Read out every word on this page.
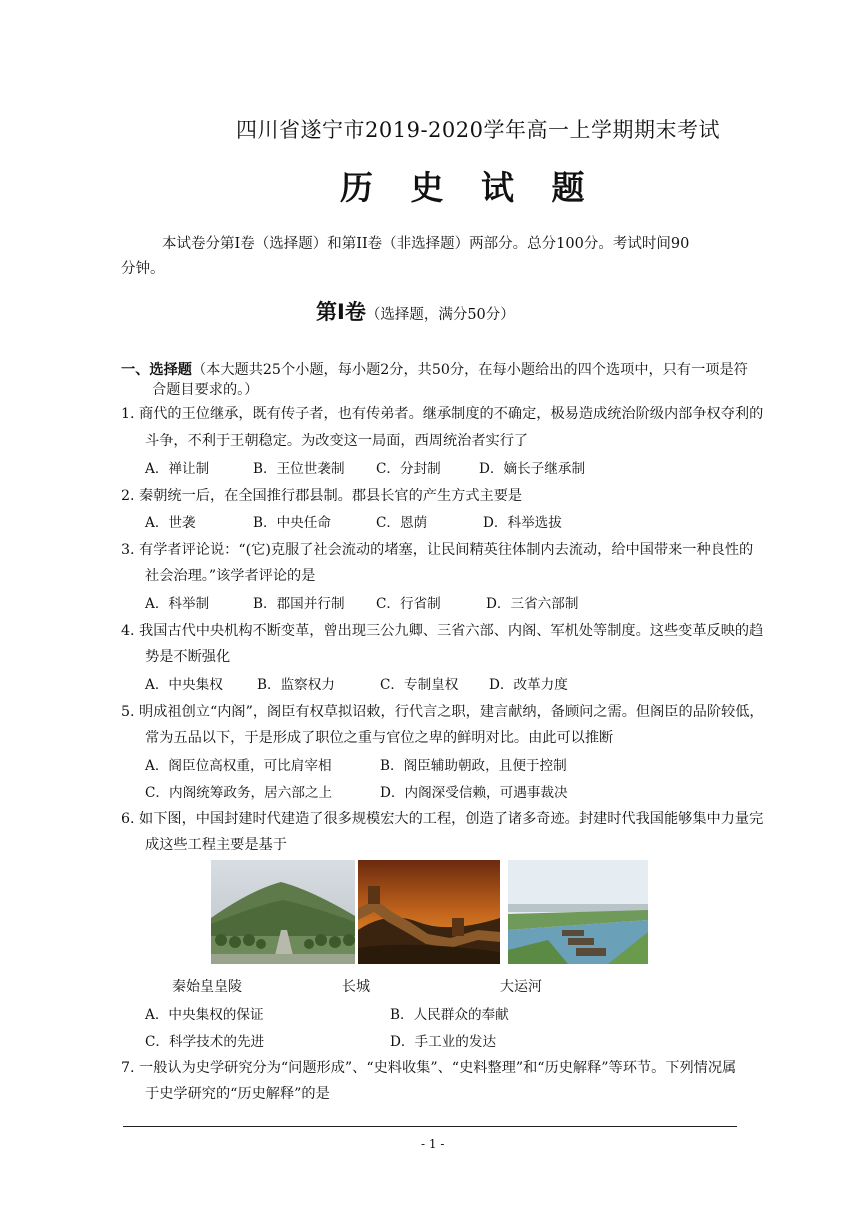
四川省遂宁市2019-2020学年高一上学期期末考试
历 史 试 题
本试卷分第Ⅰ卷（选择题）和第II卷（非选择题）两部分。总分100分。考试时间90
分钟。
第Ⅰ卷（选择题，满分50分）
一、选择题（本大题共25个小题，每小题2分，共50分，在每小题给出的四个选项中，只有一项是符
合题目要求的。）
1. 商代的王位继承，既有传子者，也有传弟者。继承制度的不确定，极易造成统治阶级内部争权夺利的
斗争，不利于王朝稳定。为改变这一局面，西周统治者实行了
A．禅让制	B．王位世袭制 C．分封制	D．嫡长子继承制
2. 秦朝统一后，在全国推行郡县制。郡县长官的产生方式主要是
A．世袭	B．中央任命	C．恩荫	D．科举选拔
3. 有学者评论说：“(它)克服了社会流动的堵塞，让民间精英往体制内去流动，给中国带来一种良性的
社会治理。”该学者评论的是
A．科举制	B．郡国并行制 C．行省制	D．三省六部制
4. 我国古代中央机构不断变革，曾出现三公九卿、三省六部、内阁、军机处等制度。这些变革反映的趋
势是不断强化
A．中央集权	B．监察权力	C．专制皇权 D．改革力度
5. 明成祖创立“内阁”，阁臣有权草拟诏敕，行代言之职，建言献纳，备顾问之需。但阁臣的品阶较低，
常为五品以下，于是形成了职位之重与官位之卑的鲜明对比。由此可以推断
A．阁臣位高权重，可比肩宰相	B．阁臣辅助朝政，且便于控制
C．内阁统筹政务，居六部之上	D．内阁深受信赖，可遇事裁决
6. 如下图，中国封建时代建造了很多规模宏大的工程，创造了诸多奇迹。封建时代我国能够集中力量完
成这些工程主要是基于
秦始皇皇陵	长城	大运河
A．中央集权的保证	B．人民群众的奉献
C．科学技术的先进	D．手工业的发达
7. 一般认为史学研究分为“问题形成”、“史料收集”、“史料整理”和“历史解释”等环节。下列情况属
于史学研究的“历史解释”的是
- 1 -
